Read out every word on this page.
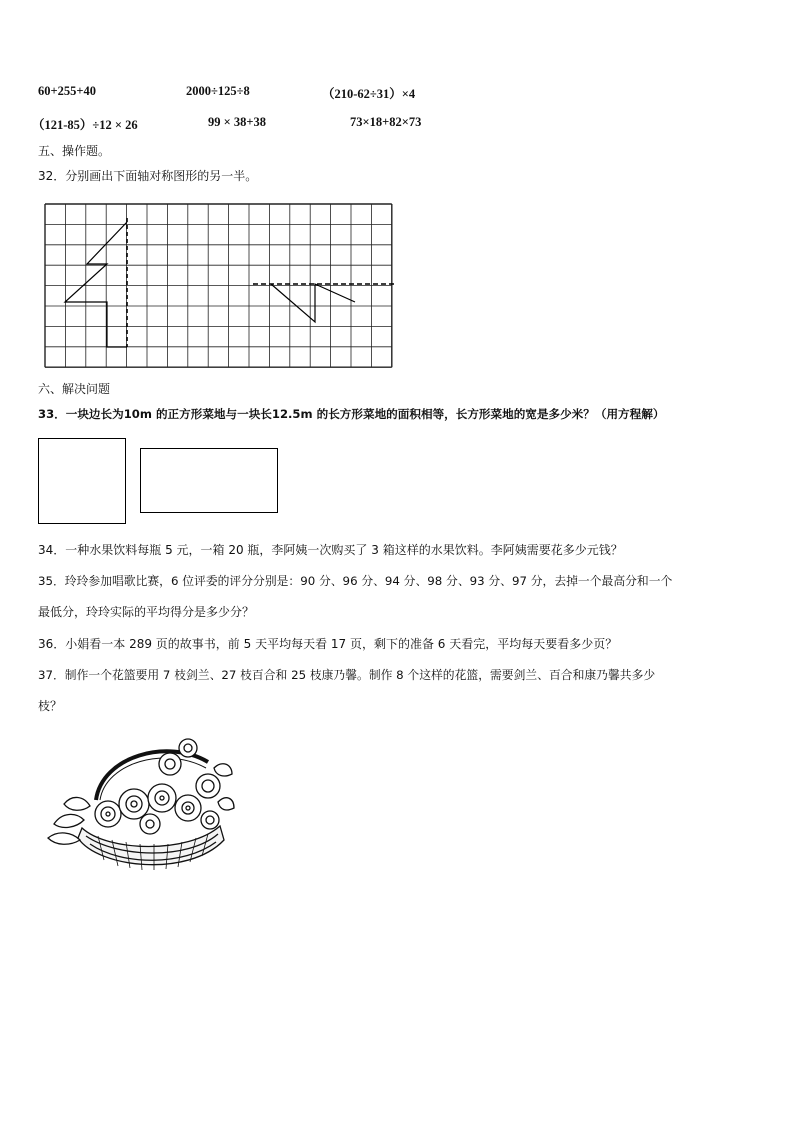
60+255+40	2000÷125÷8	（210-62÷31）×4
（121-85）÷12 × 26	99 × 38+38	73×18+82×73
五、操作题。
32．分别画出下面轴对称图形的另一半。
六、解决问题
33．一块边长为10m 的正方形菜地与一块长12.5m 的长方形菜地的面积相等，长方形菜地的宽是多少米？（用方程解）
34．一种水果饮料每瓶 5 元，一箱 20 瓶，李阿姨一次购买了 3 箱这样的水果饮料。李阿姨需要花多少元钱？
35．玲玲参加唱歌比赛，6 位评委的评分分别是：90 分、96 分、94 分、98 分、93 分、97 分，去掉一个最高分和一个
最低分，玲玲实际的平均得分是多少分？
36．小娟看一本 289 页的故事书，前 5 天平均每天看 17 页，剩下的准备 6 天看完，平均每天要看多少页？
37．制作一个花篮要用 7 枝剑兰、27 枝百合和 25 枝康乃馨。制作 8 个这样的花篮，需要剑兰、百合和康乃馨共多少
枝？
